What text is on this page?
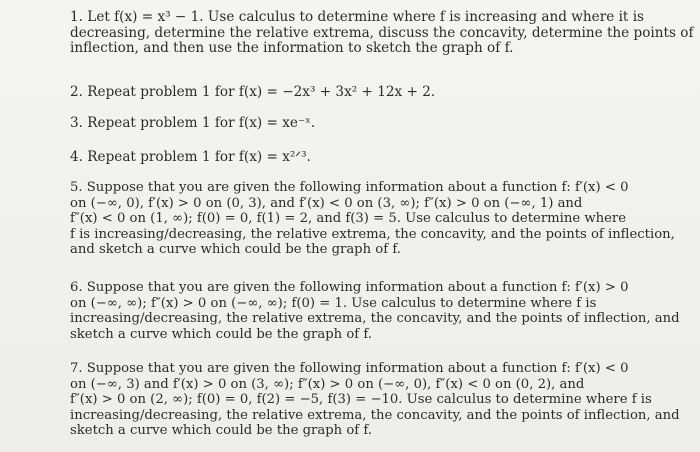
1. Let f(x) = x³ − 1. Use calculus to determine where f is increasing and where it is
decreasing, determine the relative extrema, discuss the concavity, determine the points of
inflection, and then use the information to sketch the graph of f.
2. Repeat problem 1 for f(x) = −2x³ + 3x² + 12x + 2.
3. Repeat problem 1 for f(x) = xe⁻ˣ.
4. Repeat problem 1 for f(x) = x²ᐟ³.
5. Suppose that you are given the following information about a function f: f′(x) < 0
on (−∞, 0), f′(x) > 0 on (0, 3), and f′(x) < 0 on (3, ∞); f″(x) > 0 on (−∞, 1) and
f″(x) < 0 on (1, ∞); f(0) = 0, f(1) = 2, and f(3) = 5. Use calculus to determine where
f is increasing/decreasing, the relative extrema, the concavity, and the points of inflection,
and sketch a curve which could be the graph of f.
6. Suppose that you are given the following information about a function f: f′(x) > 0
on (−∞, ∞); f″(x) > 0 on (−∞, ∞); f(0) = 1. Use calculus to determine where f is
increasing/decreasing, the relative extrema, the concavity, and the points of inflection, and
sketch a curve which could be the graph of f.
7. Suppose that you are given the following information about a function f: f′(x) < 0
on (−∞, 3) and f′(x) > 0 on (3, ∞); f″(x) > 0 on (−∞, 0), f″(x) < 0 on (0, 2), and
f″(x) > 0 on (2, ∞); f(0) = 0, f(2) = −5, f(3) = −10. Use calculus to determine where f is
increasing/decreasing, the relative extrema, the concavity, and the points of inflection, and
sketch a curve which could be the graph of f.
